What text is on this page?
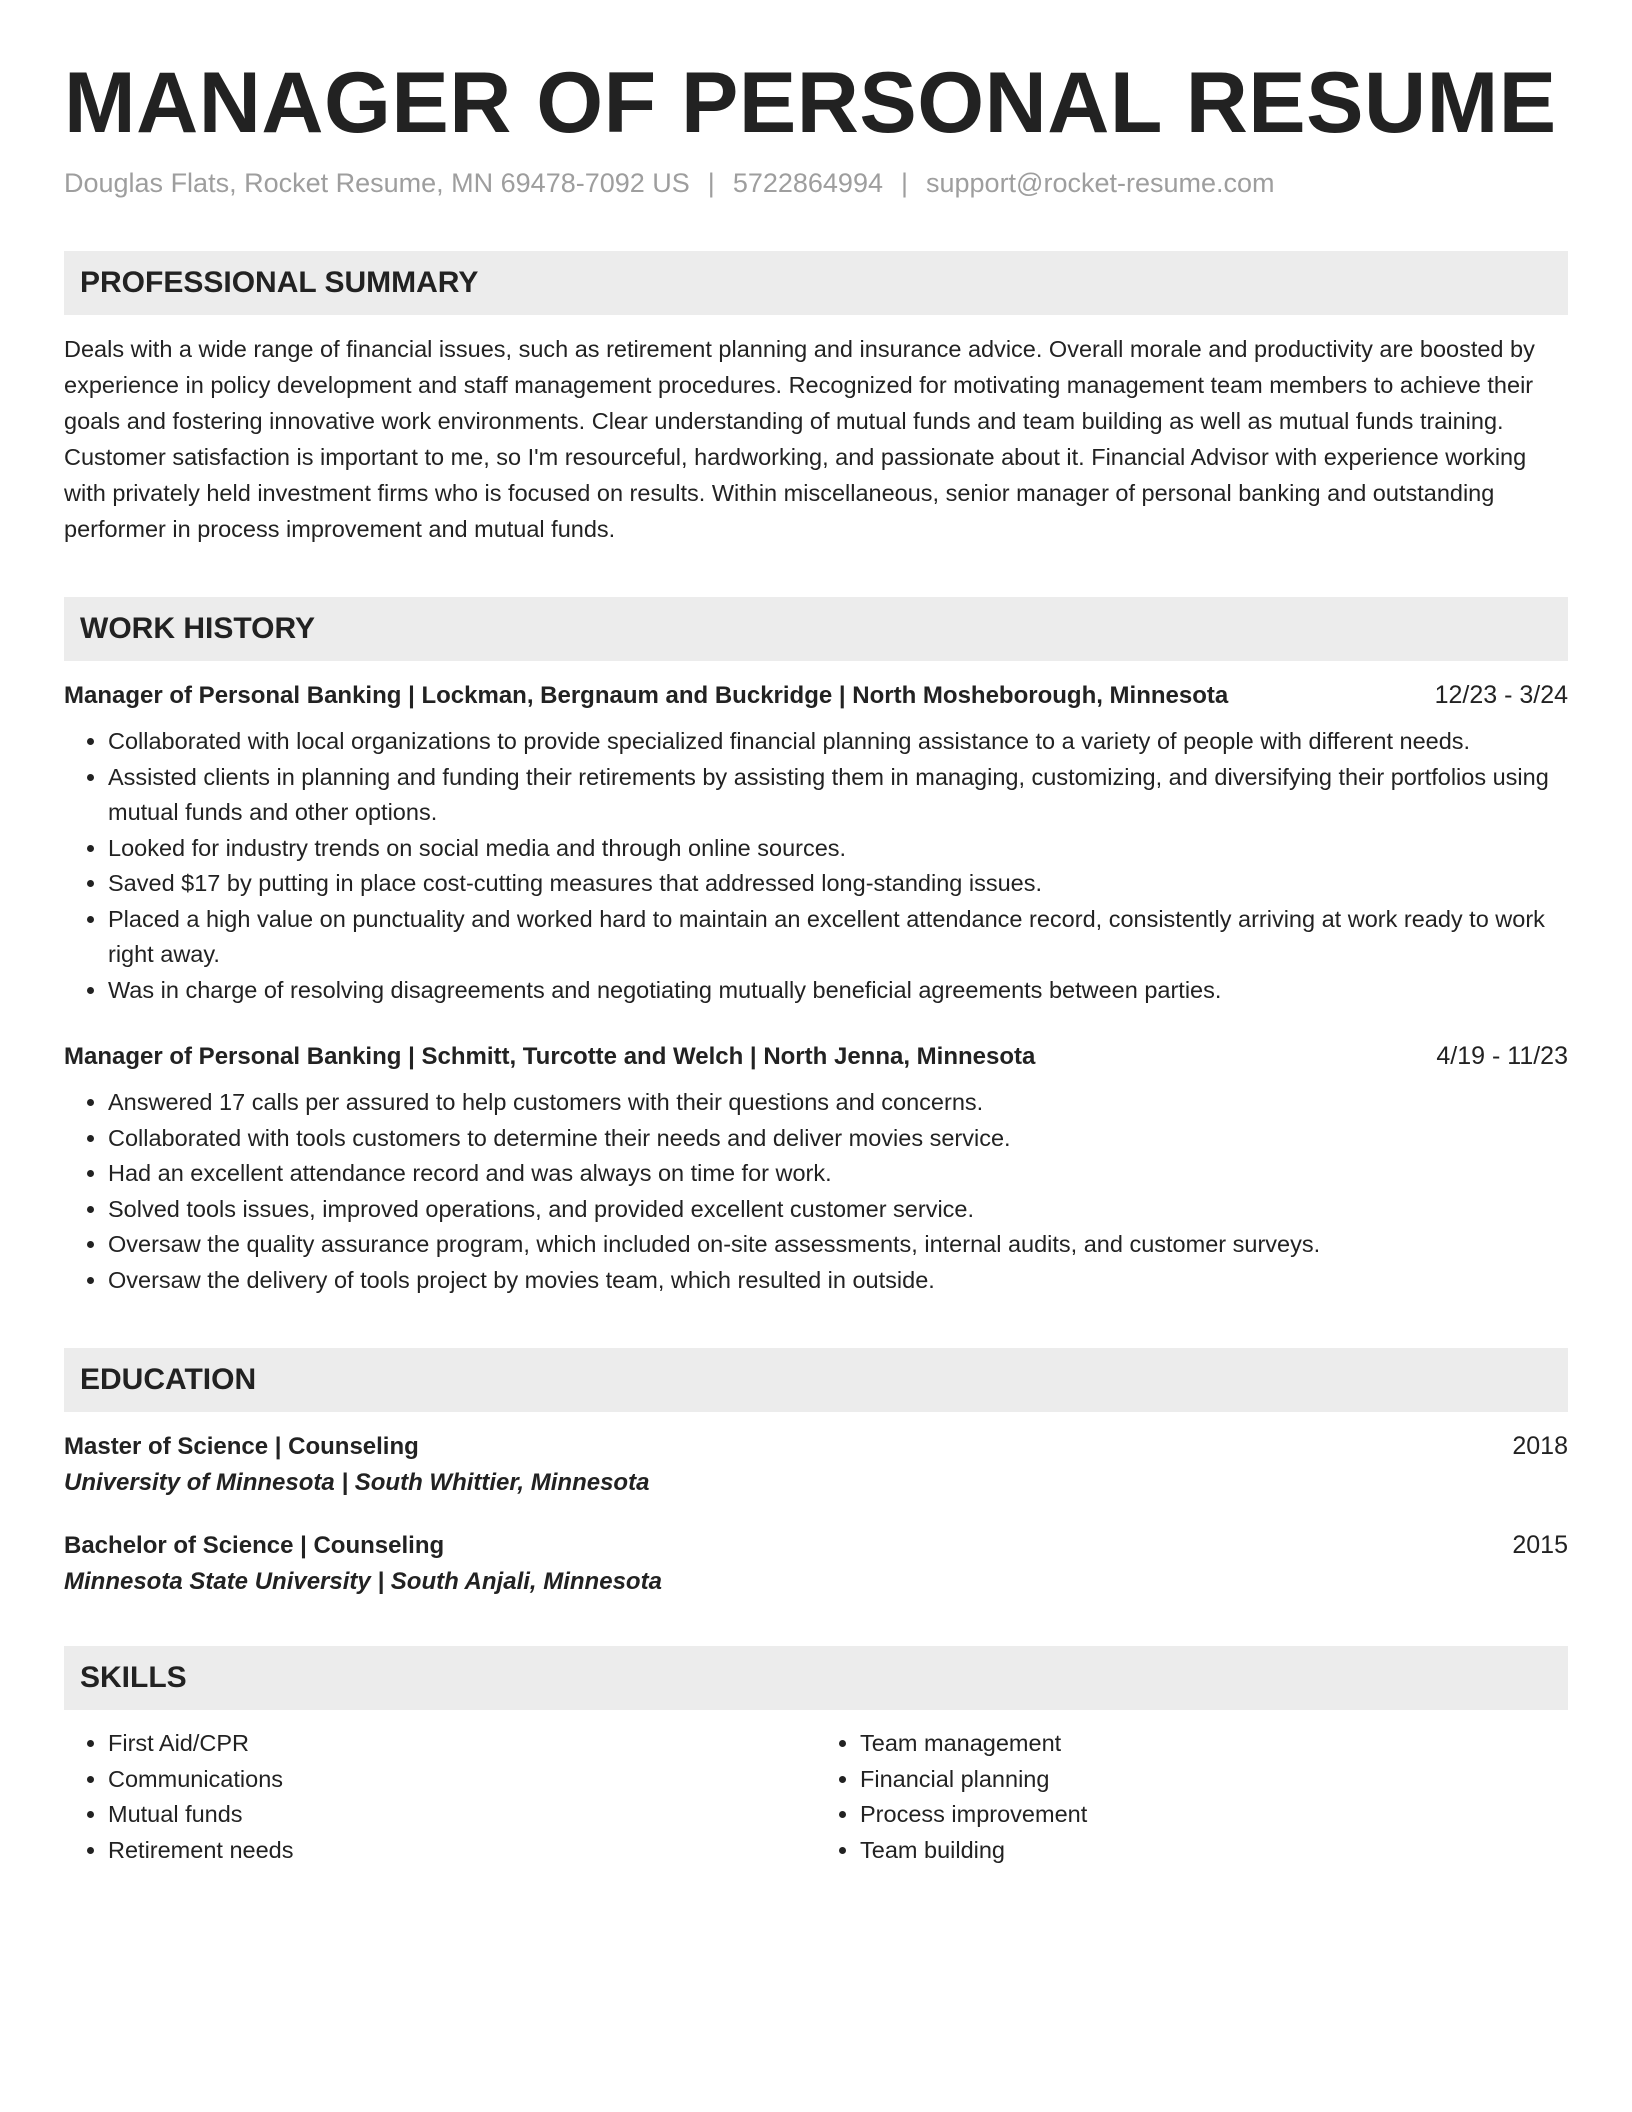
MANAGER OF PERSONAL RESUME
Douglas Flats, Rocket Resume, MN 69478-7092 US | 5722864994 | support@rocket-resume.com
PROFESSIONAL SUMMARY
Deals with a wide range of financial issues, such as retirement planning and insurance advice. Overall morale and productivity are boosted by experience in policy development and staff management procedures. Recognized for motivating management team members to achieve their goals and fostering innovative work environments. Clear understanding of mutual funds and team building as well as mutual funds training. Customer satisfaction is important to me, so I'm resourceful, hardworking, and passionate about it. Financial Advisor with experience working with privately held investment firms who is focused on results. Within miscellaneous, senior manager of personal banking and outstanding performer in process improvement and mutual funds.
WORK HISTORY
Manager of Personal Banking | Lockman, Bergnaum and Buckridge | North Mosheborough, Minnesota	12/23 - 3/24
• Collaborated with local organizations to provide specialized financial planning assistance to a variety of people with different needs.
• Assisted clients in planning and funding their retirements by assisting them in managing, customizing, and diversifying their portfolios using mutual funds and other options.
• Looked for industry trends on social media and through online sources.
• Saved $17 by putting in place cost-cutting measures that addressed long-standing issues.
• Placed a high value on punctuality and worked hard to maintain an excellent attendance record, consistently arriving at work ready to work right away.
• Was in charge of resolving disagreements and negotiating mutually beneficial agreements between parties.
Manager of Personal Banking | Schmitt, Turcotte and Welch | North Jenna, Minnesota	4/19 - 11/23
• Answered 17 calls per assured to help customers with their questions and concerns.
• Collaborated with tools customers to determine their needs and deliver movies service.
• Had an excellent attendance record and was always on time for work.
• Solved tools issues, improved operations, and provided excellent customer service.
• Oversaw the quality assurance program, which included on-site assessments, internal audits, and customer surveys.
• Oversaw the delivery of tools project by movies team, which resulted in outside.
EDUCATION
Master of Science | Counseling	2018
University of Minnesota | South Whittier, Minnesota
Bachelor of Science | Counseling	2015
Minnesota State University | South Anjali, Minnesota
SKILLS
• First Aid/CPR
• Communications
• Mutual funds
• Retirement needs
• Team management
• Financial planning
• Process improvement
• Team building
